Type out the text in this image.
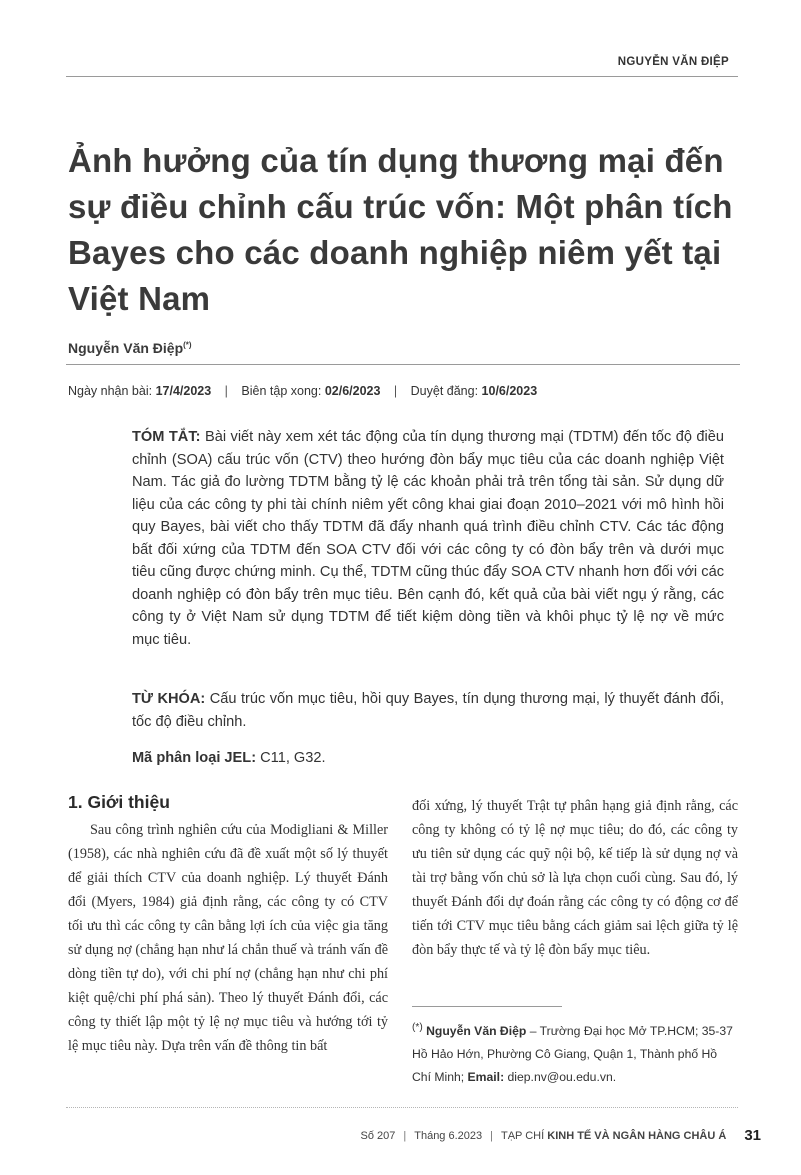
NGUYỄN VĂN ĐIỆP
Ảnh hưởng của tín dụng thương mại đến sự điều chỉnh cấu trúc vốn: Một phân tích Bayes cho các doanh nghiệp niêm yết tại Việt Nam
Nguyễn Văn Điệp(*)
Ngày nhận bài: 17/4/2023 | Biên tập xong: 02/6/2023 | Duyệt đăng: 10/6/2023
TÓM TẮT: Bài viết này xem xét tác động của tín dụng thương mại (TDTM) đến tốc độ điều chỉnh (SOA) cấu trúc vốn (CTV) theo hướng đòn bẩy mục tiêu của các doanh nghiệp Việt Nam. Tác giả đo lường TDTM bằng tỷ lệ các khoản phải trả trên tổng tài sản. Sử dụng dữ liệu của các công ty phi tài chính niêm yết công khai giai đoạn 2010–2021 với mô hình hồi quy Bayes, bài viết cho thấy TDTM đã đẩy nhanh quá trình điều chỉnh CTV. Các tác động bất đối xứng của TDTM đến SOA CTV đối với các công ty có đòn bẩy trên và dưới mục tiêu cũng được chứng minh. Cụ thể, TDTM cũng thúc đẩy SOA CTV nhanh hơn đối với các doanh nghiệp có đòn bẩy trên mục tiêu. Bên cạnh đó, kết quả của bài viết ngụ ý rằng, các công ty ở Việt Nam sử dụng TDTM để tiết kiệm dòng tiền và khôi phục tỷ lệ nợ về mức mục tiêu.
TỪ KHÓA: Cấu trúc vốn mục tiêu, hồi quy Bayes, tín dụng thương mại, lý thuyết đánh đổi, tốc độ điều chỉnh.
Mã phân loại JEL: C11, G32.
1. Giới thiệu
Sau công trình nghiên cứu của Modigliani & Miller (1958), các nhà nghiên cứu đã đề xuất một số lý thuyết để giải thích CTV của doanh nghiệp. Lý thuyết Đánh đổi (Myers, 1984) giả định rằng, các công ty có CTV tối ưu thì các công ty cân bằng lợi ích của việc gia tăng sử dụng nợ (chẳng hạn như lá chắn thuế và tránh vấn đề dòng tiền tự do), với chi phí nợ (chẳng hạn như chi phí kiệt quệ/chi phí phá sản). Theo lý thuyết Đánh đổi, các công ty thiết lập một tỷ lệ nợ mục tiêu và hướng tới tỷ lệ mục tiêu này. Dựa trên vấn đề thông tin bất
đối xứng, lý thuyết Trật tự phân hạng giả định rằng, các công ty không có tỷ lệ nợ mục tiêu; do đó, các công ty ưu tiên sử dụng các quỹ nội bộ, kế tiếp là sử dụng nợ và tài trợ bằng vốn chủ sở là lựa chọn cuối cùng. Sau đó, lý thuyết Đánh đổi dự đoán rằng các công ty có động cơ để tiến tới CTV mục tiêu bằng cách giảm sai lệch giữa tỷ lệ đòn bẩy thực tế và tỷ lệ đòn bẩy mục tiêu.
(*) Nguyễn Văn Điệp – Trường Đại học Mở TP.HCM; 35-37 Hồ Hảo Hớn, Phường Cô Giang, Quận 1, Thành phố Hồ Chí Minh; Email: diep.nv@ou.edu.vn.
Số 207 | Tháng 6.2023 | TẠP CHÍ KINH TẾ VÀ NGÂN HÀNG CHÂU Á 31
